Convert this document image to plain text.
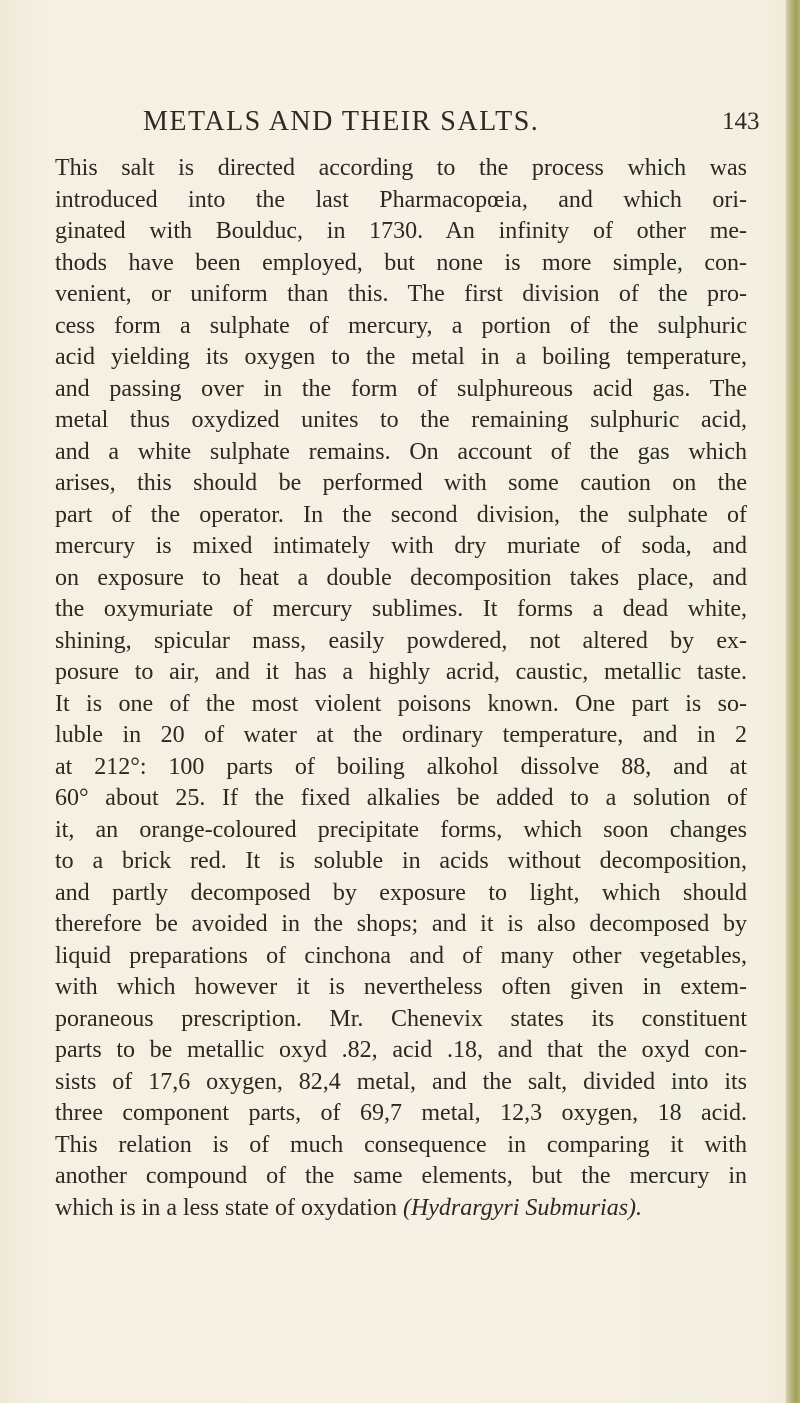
METALS AND THEIR SALTS.	143
This salt is directed according to the process which was
introduced into the last Pharmacopœia, and which ori-
ginated with Boulduc, in 1730. An infinity of other me-
thods have been employed, but none is more simple, con-
venient, or uniform than this. The first division of the pro-
cess form a sulphate of mercury, a portion of the sulphuric
acid yielding its oxygen to the metal in a boiling temperature,
and passing over in the form of sulphureous acid gas. The
metal thus oxydized unites to the remaining sulphuric acid,
and a white sulphate remains. On account of the gas which
arises, this should be performed with some caution on the
part of the operator. In the second division, the sulphate of
mercury is mixed intimately with dry muriate of soda, and
on exposure to heat a double decomposition takes place, and
the oxymuriate of mercury sublimes. It forms a dead white,
shining, spicular mass, easily powdered, not altered by ex-
posure to air, and it has a highly acrid, caustic, metallic taste.
It is one of the most violent poisons known. One part is so-
luble in 20 of water at the ordinary temperature, and in 2
at 212°: 100 parts of boiling alkohol dissolve 88, and at
60° about 25. If the fixed alkalies be added to a solution of
it, an orange-coloured precipitate forms, which soon changes
to a brick red. It is soluble in acids without decomposition,
and partly decomposed by exposure to light, which should
therefore be avoided in the shops; and it is also decomposed by
liquid preparations of cinchona and of many other vegetables,
with which however it is nevertheless often given in extem-
poraneous prescription. Mr. Chenevix states its constituent
parts to be metallic oxyd .82, acid .18, and that the oxyd con-
sists of 17,6 oxygen, 82,4 metal, and the salt, divided into its
three component parts, of 69,7 metal, 12,3 oxygen, 18 acid.
This relation is of much consequence in comparing it with
another compound of the same elements, but the mercury in
which is in a less state of oxydation (Hydrargyri Submurias).
